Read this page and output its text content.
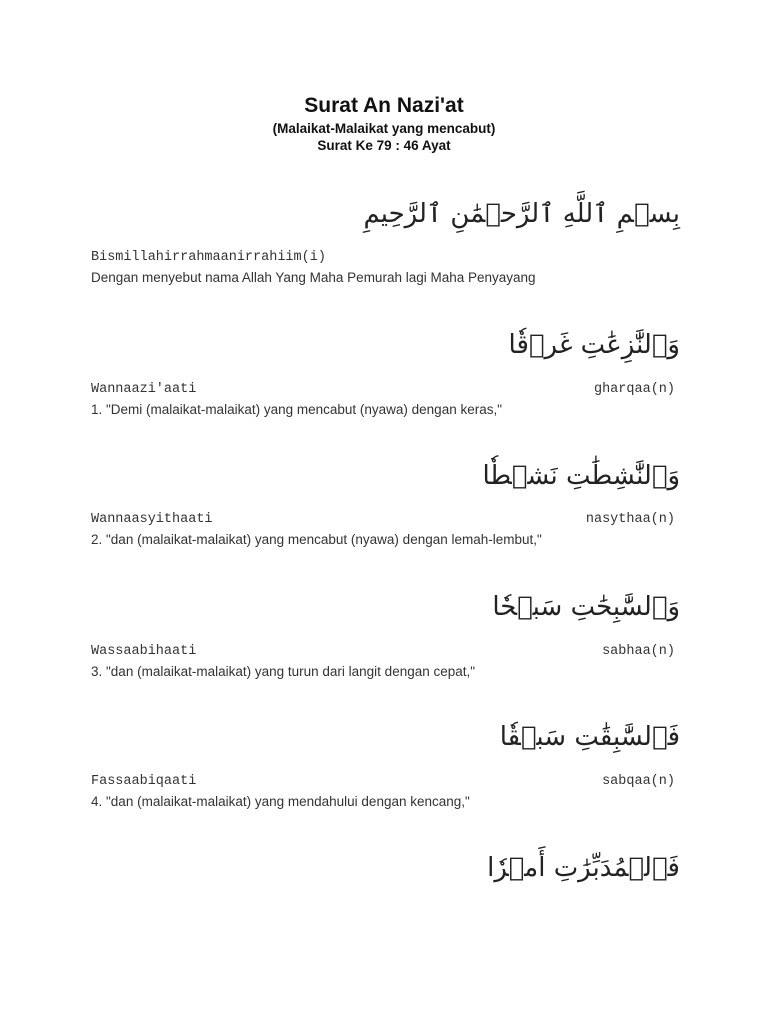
Surat An Nazi'at
(Malaikat-Malaikat yang mencabut)
Surat Ke 79 : 46 Ayat
بِسۡمِ ٱللَّهِ ٱلرَّحۡمَٰنِ ٱلرَّحِيمِ
Bismillahirrahmaanirrahiim(i)
Dengan menyebut nama Allah Yang Maha Pemurah lagi Maha Penyayang
وَٱلنَّٰزِعَٰتِ غَرۡقٗا
Wannaazi'aati	gharqaa(n)
1. "Demi (malaikat-malaikat) yang mencabut (nyawa) dengan keras,"
وَٱلنَّٰشِطَٰتِ نَشۡطٗا
Wannaasyithaati	nasythaa(n)
2. "dan (malaikat-malaikat) yang mencabut (nyawa) dengan lemah-lembut,"
وَٱلسَّٰبِحَٰتِ سَبۡحٗا
Wassaabihaati	sabhaa(n)
3. "dan (malaikat-malaikat) yang turun dari langit dengan cepat,"
فَٱلسَّٰبِقَٰتِ سَبۡقٗا
Fassaabiqaati	sabqaa(n)
4. "dan (malaikat-malaikat) yang mendahului dengan kencang,"
فَٱلۡمُدَبِّرَٰتِ أَمۡرٗا
